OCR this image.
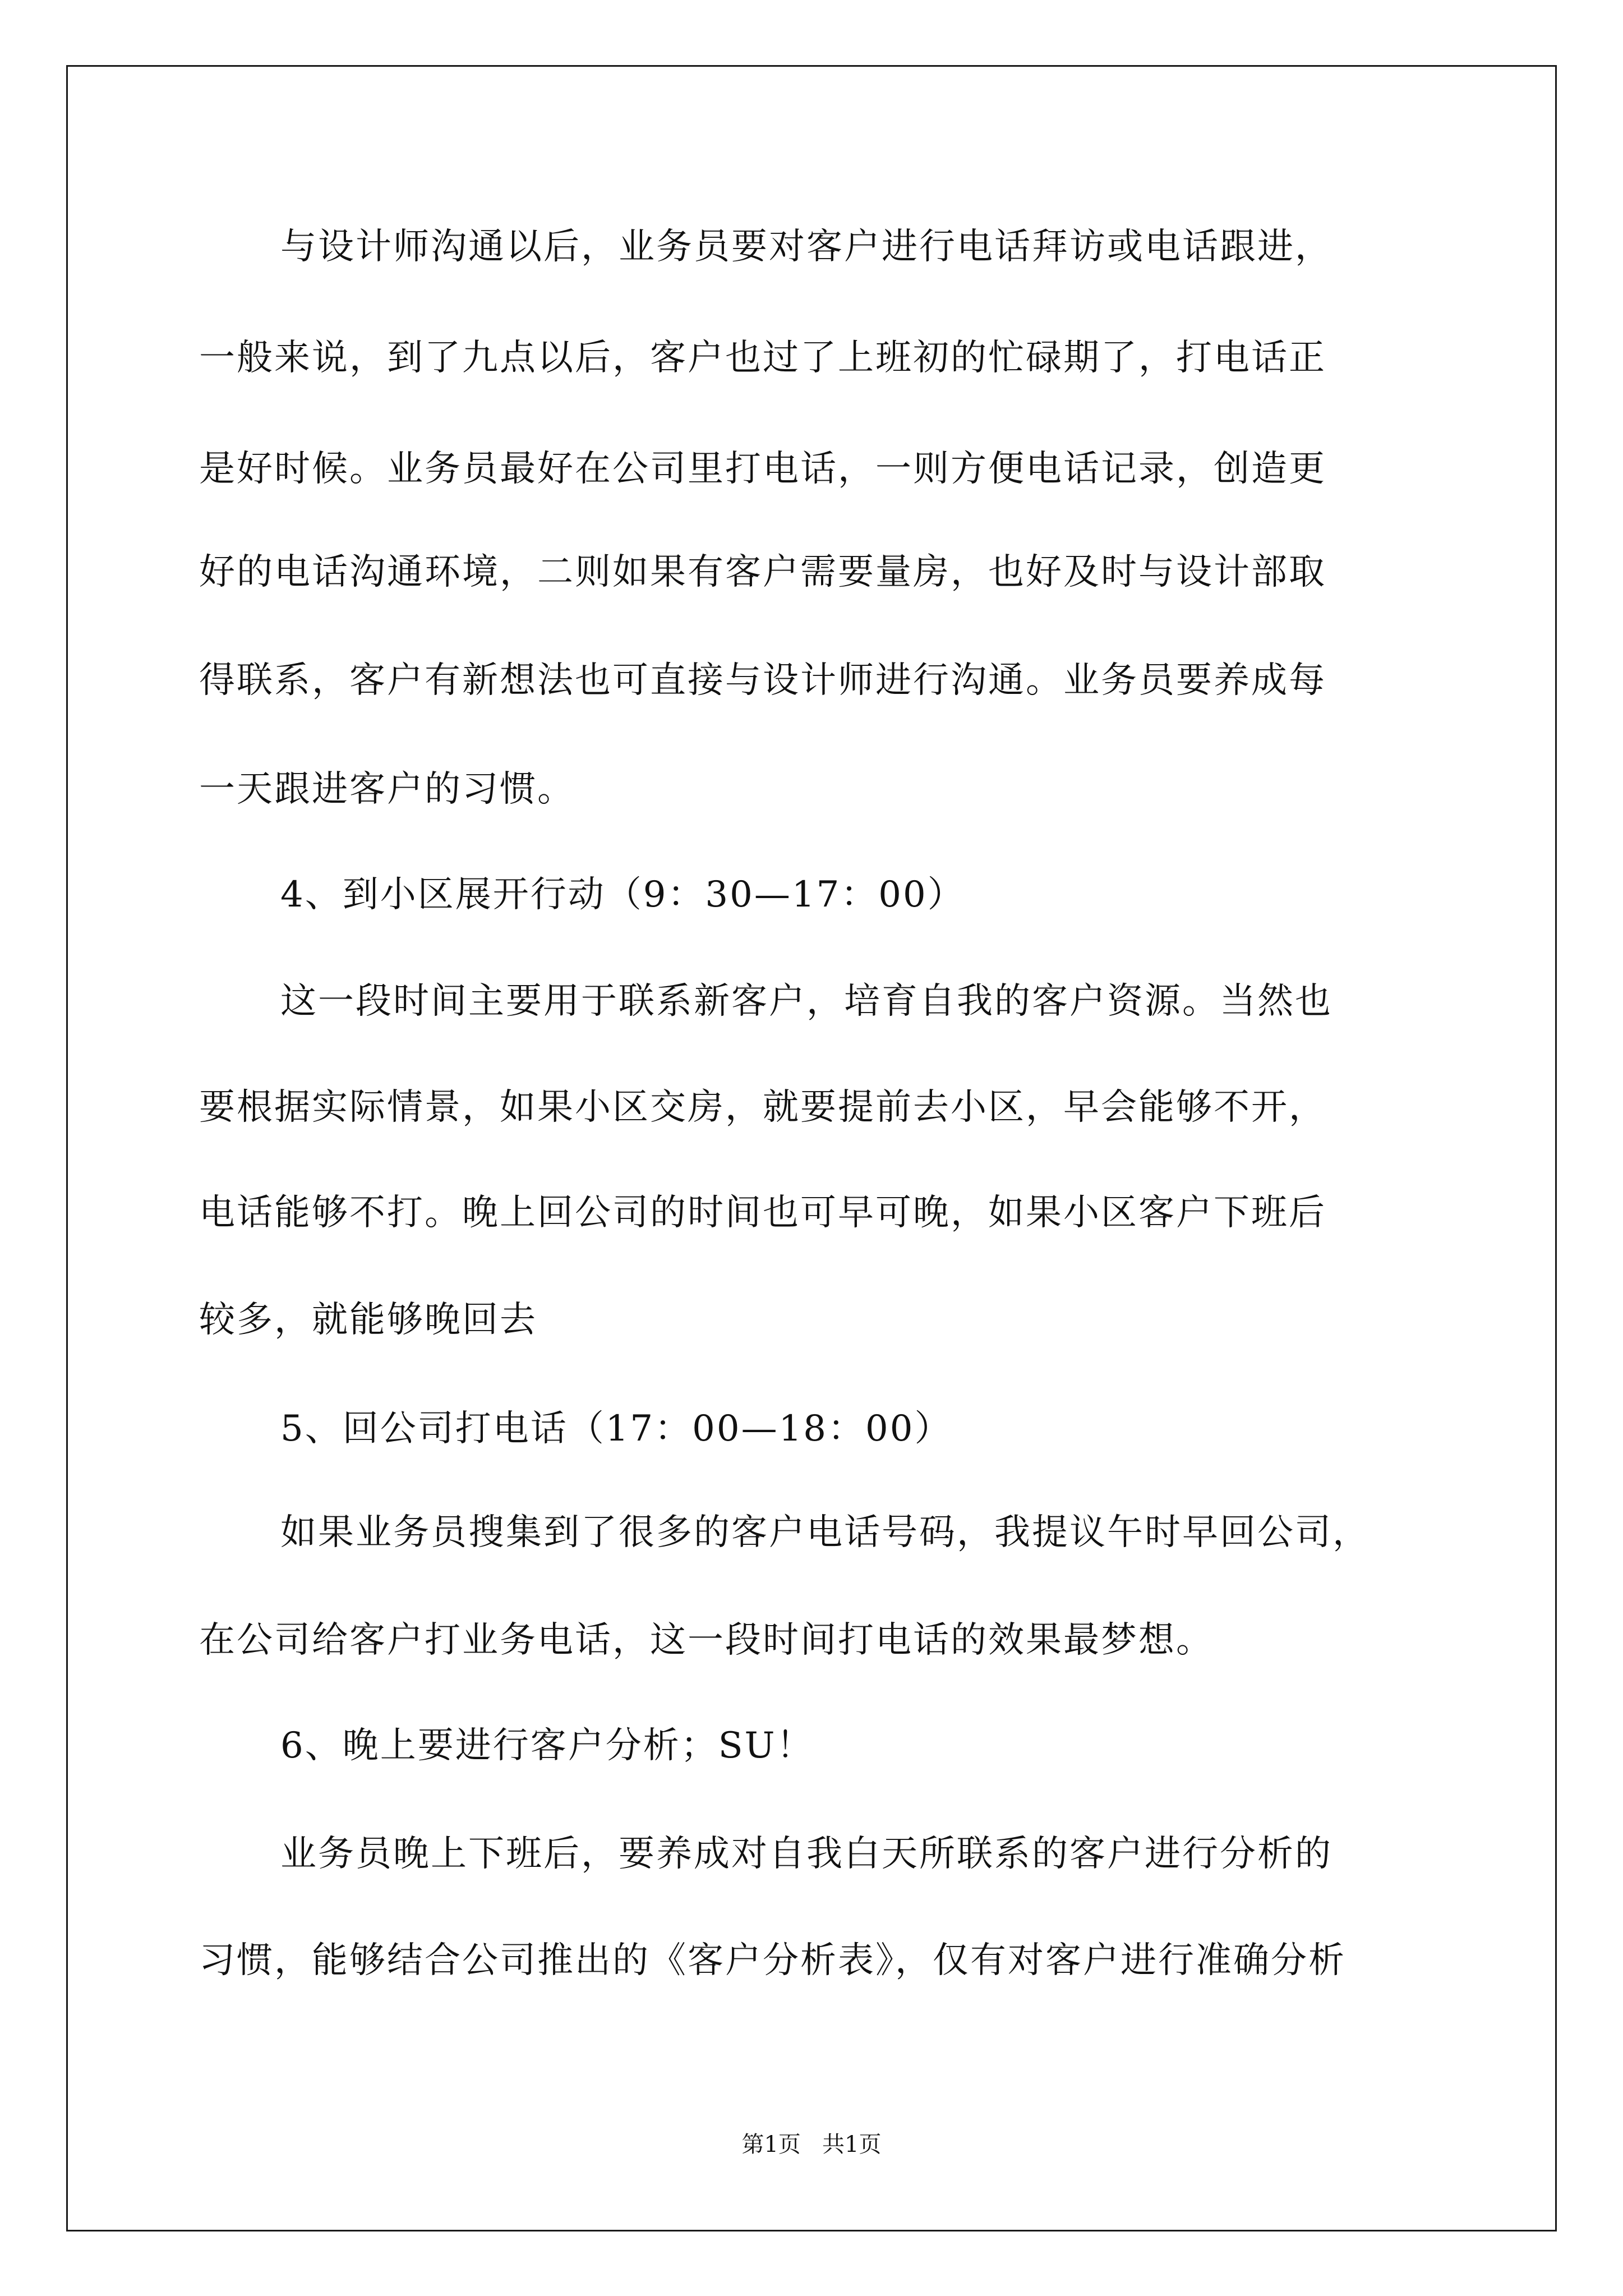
与设计师沟通以后，业务员要对客户进行电话拜访或电话跟进，
一般来说，到了九点以后，客户也过了上班初的忙碌期了，打电话正
是好时候。业务员最好在公司里打电话，一则方便电话记录，创造更
好的电话沟通环境，二则如果有客户需要量房，也好及时与设计部取
得联系，客户有新想法也可直接与设计师进行沟通。业务员要养成每
一天跟进客户的习惯。
4、到小区展开行动（9：30—17：00）
这一段时间主要用于联系新客户，培育自我的客户资源。当然也
要根据实际情景，如果小区交房，就要提前去小区，早会能够不开，
电话能够不打。晚上回公司的时间也可早可晚，如果小区客户下班后
较多，就能够晚回去
5、回公司打电话（17：00—18：00）
如果业务员搜集到了很多的客户电话号码，我提议午时早回公司，
在公司给客户打业务电话，这一段时间打电话的效果最梦想。
6、晚上要进行客户分析；SU！
业务员晚上下班后，要养成对自我白天所联系的客户进行分析的
习惯，能够结合公司推出的《客户分析表》，仅有对客户进行准确分析
第1页   共1页
